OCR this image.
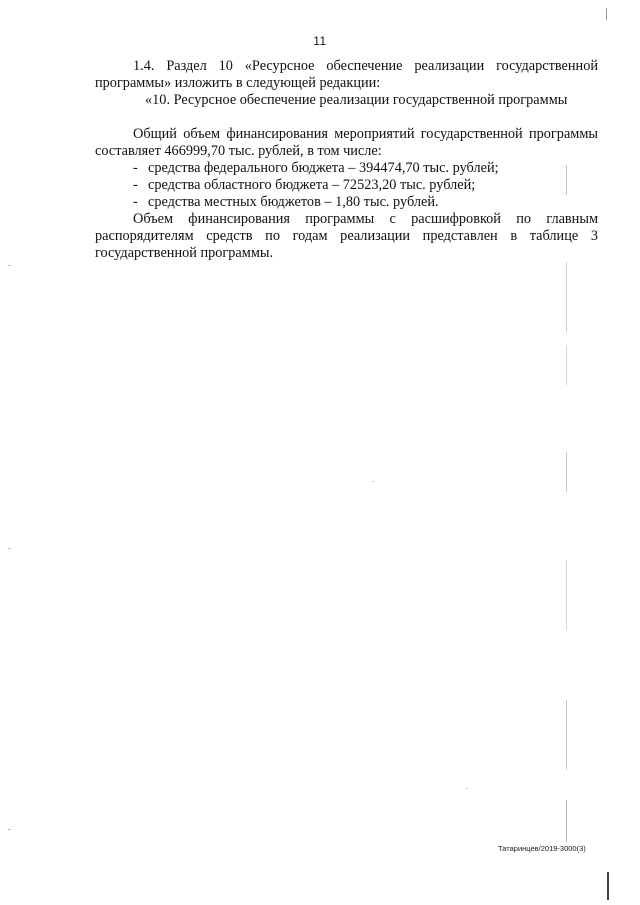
11

1.4. Раздел 10 «Ресурсное обеспечение реализации государственной программы» изложить в следующей редакции:

«10. Ресурсное обеспечение реализации государственной программы

Общий объем финансирования мероприятий государственной программы составляет 466999,70 тыс. рублей, в том числе:

- средства федерального бюджета – 394474,70 тыс. рублей;
- средства областного бюджета – 72523,20 тыс. рублей;
- средства местных бюджетов – 1,80 тыс. рублей.

Объем финансирования программы с расшифровкой по главным распорядителям средств по годам реализации представлен в таблице 3 государственной программы.

Татаринцев/2019-3000(3)
